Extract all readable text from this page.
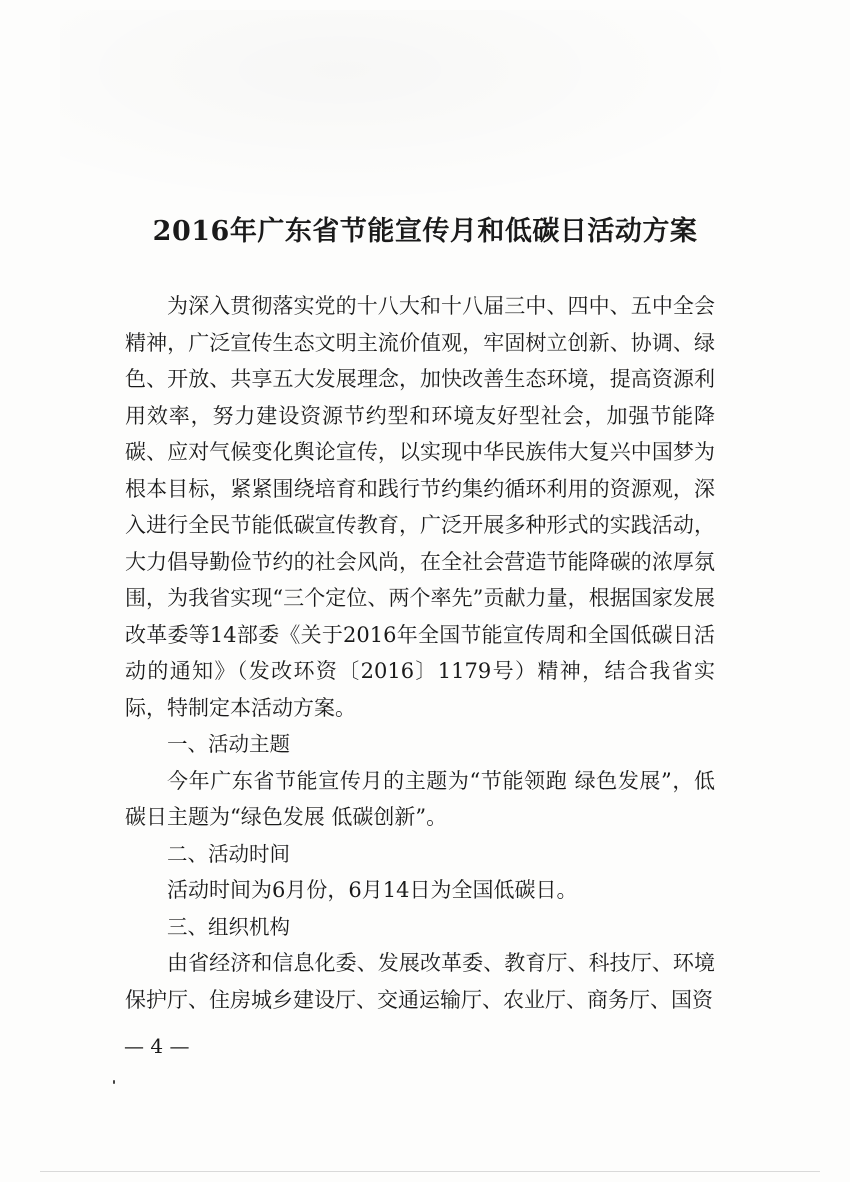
2016年广东省节能宣传月和低碳日活动方案

为深入贯彻落实党的十八大和十八届三中、四中、五中全会精神，广泛宣传生态文明主流价值观，牢固树立创新、协调、绿色、开放、共享五大发展理念，加快改善生态环境，提高资源利用效率，努力建设资源节约型和环境友好型社会，加强节能降碳、应对气候变化舆论宣传，以实现中华民族伟大复兴中国梦为根本目标，紧紧围绕培育和践行节约集约循环利用的资源观，深入进行全民节能低碳宣传教育，广泛开展多种形式的实践活动，大力倡导勤俭节约的社会风尚，在全社会营造节能降碳的浓厚氛围，为我省实现“三个定位、两个率先”贡献力量，根据国家发展改革委等14部委《关于2016年全国节能宣传周和全国低碳日活动的通知》（发改环资〔2016〕1179号）精神，结合我省实际，特制定本活动方案。

一、活动主题

今年广东省节能宣传月的主题为“节能领跑 绿色发展”，低碳日主题为“绿色发展 低碳创新”。

二、活动时间

活动时间为6月份，6月14日为全国低碳日。

三、组织机构

由省经济和信息化委、发展改革委、教育厅、科技厅、环境保护厅、住房城乡建设厅、交通运输厅、农业厅、商务厅、国资

— 4 —
